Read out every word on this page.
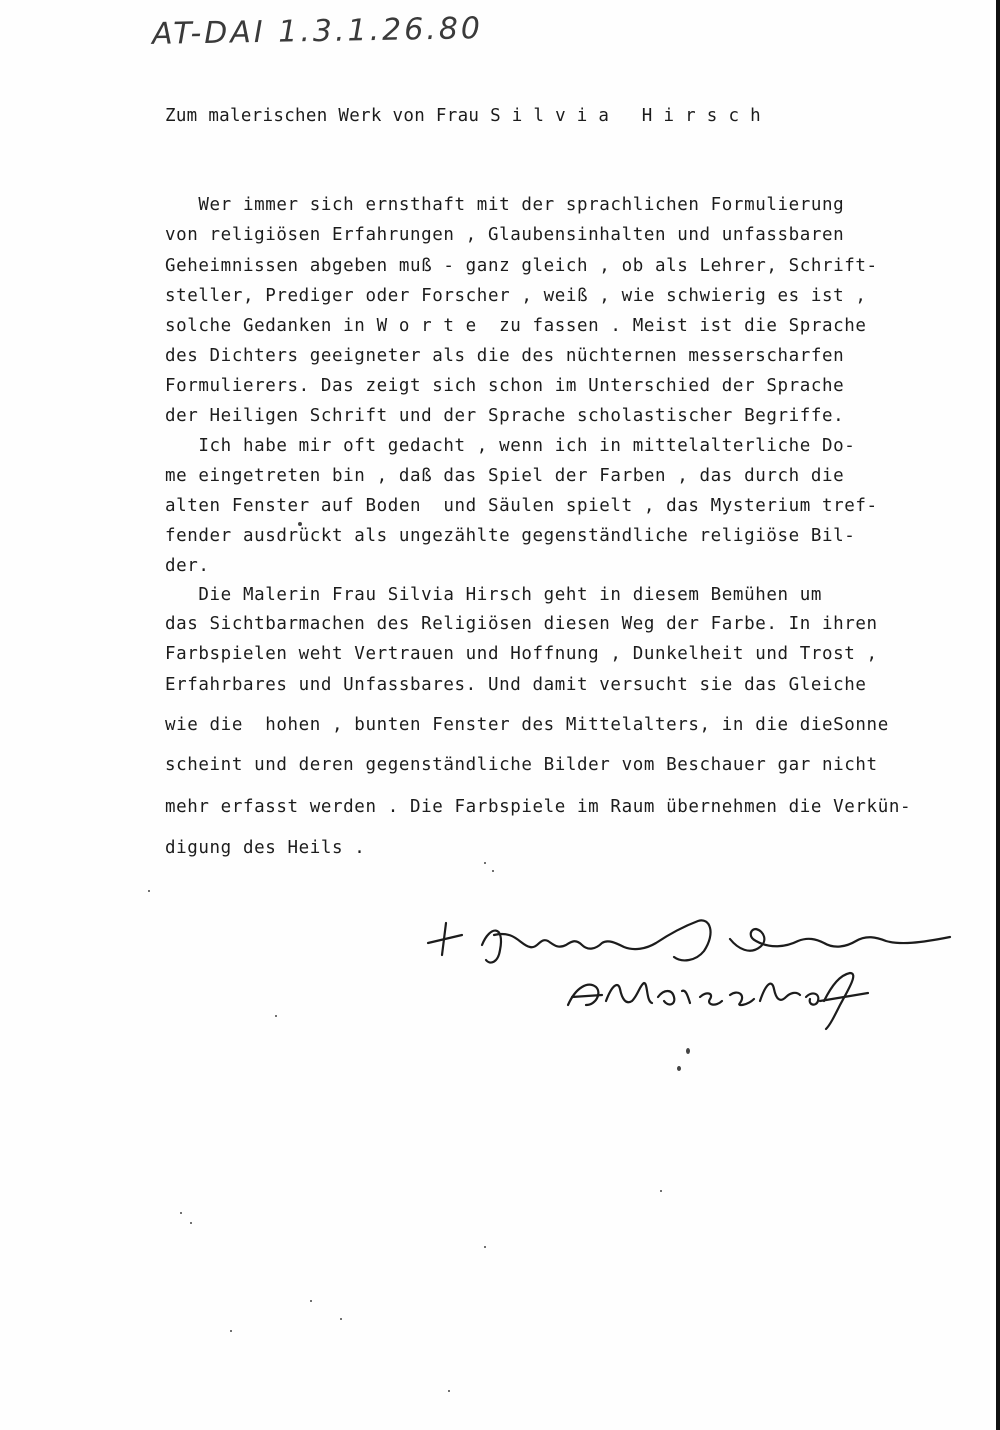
AT-DAI 1.3.1.26.80
Zum malerischen Werk von Frau S i l v i a   H i r s c h
Wer immer sich ernsthaft mit der sprachlichen Formulierung
von religiösen Erfahrungen , Glaubensinhalten und unfassbaren
Geheimnissen abgeben muß - ganz gleich , ob als Lehrer, Schrift-
steller, Prediger oder Forscher , weiß , wie schwierig es ist ,
solche Gedanken in W o r t e  zu fassen . Meist ist die Sprache
des Dichters geeigneter als die des nüchternen messerscharfen
Formulierers. Das zeigt sich schon im Unterschied der Sprache
der Heiligen Schrift und der Sprache scholastischer Begriffe.
Ich habe mir oft gedacht , wenn ich in mittelalterliche Do-
me eingetreten bin , daß das Spiel der Farben , das durch die
alten Fenster auf Boden  und Säulen spielt , das Mysterium tref-
fender ausdrückt als ungezählte gegenständliche religiöse Bil-
der.
Die Malerin Frau Silvia Hirsch geht in diesem Bemühen um
das Sichtbarmachen des Religiösen diesen Weg der Farbe. In ihren
Farbspielen weht Vertrauen und Hoffnung , Dunkelheit und Trost ,
Erfahrbares und Unfassbares. Und damit versucht sie das Gleiche
wie die  hohen , bunten Fenster des Mittelalters, in die dieSonne
scheint und deren gegenständliche Bilder vom Beschauer gar nicht
mehr erfasst werden . Die Farbspiele im Raum übernehmen die Verkün-
digung des Heils .
